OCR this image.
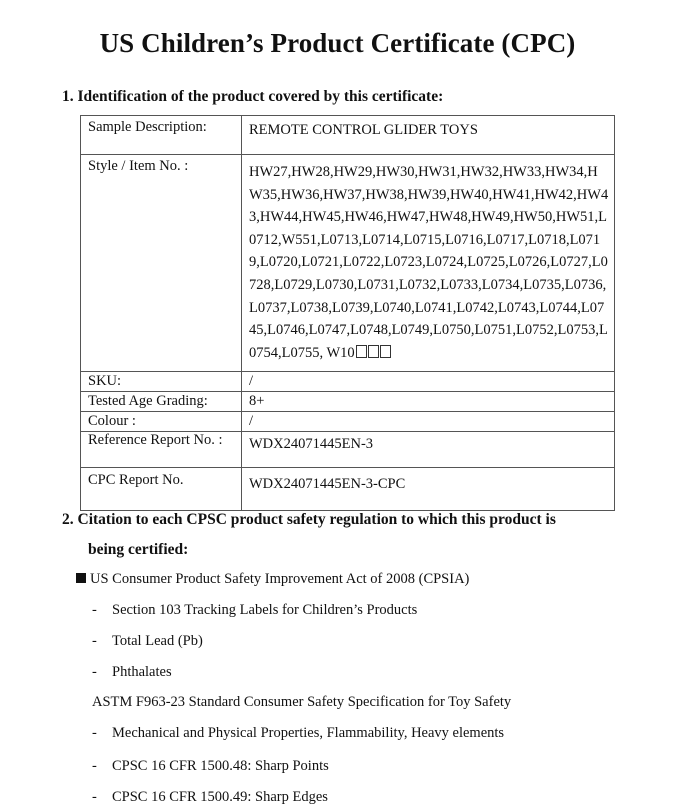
US Children’s Product Certificate (CPC)
1. Identification of the product covered by this certificate:
Sample Description:	REMOTE CONTROL GLIDER TOYS
Style / Item No. :	HW27,HW28,HW29,HW30,HW31,HW32,HW33,HW34,HW35,HW36,HW37,HW38,HW39,HW40,HW41,HW42,HW43,HW44,HW45,HW46,HW47,HW48,HW49,HW50,HW51,L0712,W551,L0713,L0714,L0715,L0716,L0717,L0718,L0719,L0720,L0721,L0722,L0723,L0724,L0725,L0726,L0727,L0728,L0729,L0730,L0731,L0732,L0733,L0734,L0735,L0736,L0737,L0738,L0739,L0740,L0741,L0742,L0743,L0744,L0745,L0746,L0747,L0748,L0749,L0750,L0751,L0752,L0753,L0754,L0755, W10
SKU:	/
Tested Age Grading:	8+
Colour :	/
Reference Report No. :	WDX24071445EN-3
CPC Report No.	WDX24071445EN-3-CPC
2. Citation to each CPSC product safety regulation to which this product is
being certified:
US Consumer Product Safety Improvement Act of 2008 (CPSIA)
- Section 103 Tracking Labels for Children’s Products
- Total Lead (Pb)
- Phthalates
ASTM F963-23 Standard Consumer Safety Specification for Toy Safety
- Mechanical and Physical Properties, Flammability, Heavy elements
- CPSC 16 CFR 1500.48: Sharp Points
- CPSC 16 CFR 1500.49: Sharp Edges
